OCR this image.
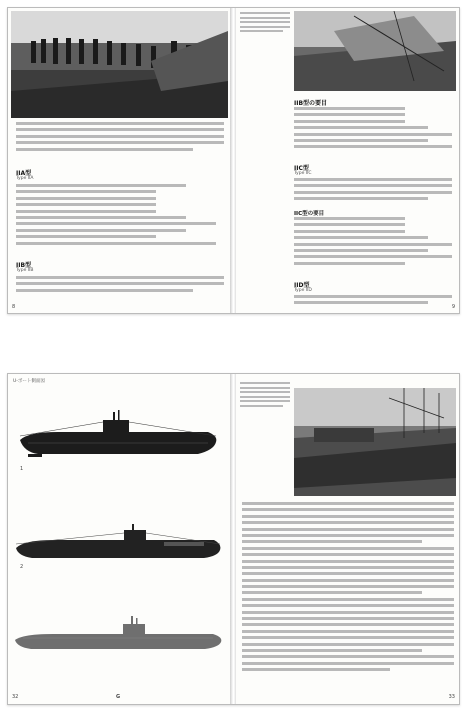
IIA型
Type IIA
IIB型
Type IIB
8
IIB型の要目
IIC型
Type IIC
IIC型の要目
IID型
Type IID
9
U-ボート側面図
1
2
32	G	33
